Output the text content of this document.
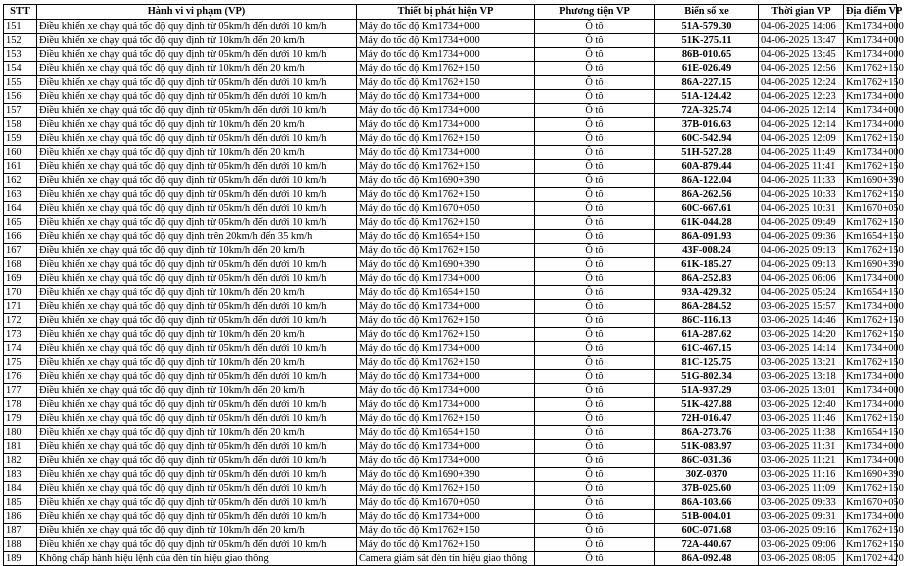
STT	Hành vi vi phạm (VP)	Thiết bị phát hiện VP	Phương tiện VP	Biển số xe	Thời gian VP	Địa điểm VP
151	Điều khiển xe chạy quá tốc độ quy định từ 05km/h đến dưới 10 km/h	Máy đo tốc độ Km1734+000	Ô tô	51A-579.30	04-06-2025 14:06	Km1734+000
152	Điều khiển xe chạy quá tốc độ quy định từ 10km/h đến 20 km/h	Máy đo tốc độ Km1734+000	Ô tô	51K-275.11	04-06-2025 13:47	Km1734+000
153	Điều khiển xe chạy quá tốc độ quy định từ 05km/h đến dưới 10 km/h	Máy đo tốc độ Km1734+000	Ô tô	86B-010.65	04-06-2025 13:45	Km1734+000
154	Điều khiển xe chạy quá tốc độ quy định từ 10km/h đến 20 km/h	Máy đo tốc độ Km1762+150	Ô tô	61E-026.49	04-06-2025 12:56	Km1762+150
155	Điều khiển xe chạy quá tốc độ quy định từ 05km/h đến dưới 10 km/h	Máy đo tốc độ Km1762+150	Ô tô	86A-227.15	04-06-2025 12:24	Km1762+150
156	Điều khiển xe chạy quá tốc độ quy định từ 05km/h đến dưới 10 km/h	Máy đo tốc độ Km1734+000	Ô tô	51A-124.42	04-06-2025 12:23	Km1734+000
157	Điều khiển xe chạy quá tốc độ quy định từ 05km/h đến dưới 10 km/h	Máy đo tốc độ Km1734+000	Ô tô	72A-325.74	04-06-2025 12:14	Km1734+000
158	Điều khiển xe chạy quá tốc độ quy định từ 10km/h đến 20 km/h	Máy đo tốc độ Km1734+000	Ô tô	37B-016.63	04-06-2025 12:14	Km1734+000
159	Điều khiển xe chạy quá tốc độ quy định từ 05km/h đến dưới 10 km/h	Máy đo tốc độ Km1762+150	Ô tô	60C-542.94	04-06-2025 12:09	Km1762+150
160	Điều khiển xe chạy quá tốc độ quy định từ 10km/h đến 20 km/h	Máy đo tốc độ Km1734+000	Ô tô	51H-527.28	04-06-2025 11:49	Km1734+000
161	Điều khiển xe chạy quá tốc độ quy định từ 05km/h đến dưới 10 km/h	Máy đo tốc độ Km1762+150	Ô tô	60A-879.44	04-06-2025 11:41	Km1762+150
162	Điều khiển xe chạy quá tốc độ quy định từ 05km/h đến dưới 10 km/h	Máy đo tốc độ Km1690+390	Ô tô	86A-122.04	04-06-2025 11:33	Km1690+390
163	Điều khiển xe chạy quá tốc độ quy định từ 05km/h đến dưới 10 km/h	Máy đo tốc độ Km1762+150	Ô tô	86A-262.56	04-06-2025 10:33	Km1762+150
164	Điều khiển xe chạy quá tốc độ quy định từ 05km/h đến dưới 10 km/h	Máy đo tốc độ Km1670+050	Ô tô	60C-667.61	04-06-2025 10:31	Km1670+050
165	Điều khiển xe chạy quá tốc độ quy định từ 05km/h đến dưới 10 km/h	Máy đo tốc độ Km1762+150	Ô tô	61K-044.28	04-06-2025 09:49	Km1762+150
166	Điều khiển xe chạy quá tốc độ quy định trên 20km/h đến 35 km/h	Máy đo tốc độ Km1654+150	Ô tô	86A-091.93	04-06-2025 09:36	Km1654+150
167	Điều khiển xe chạy quá tốc độ quy định từ 10km/h đến 20 km/h	Máy đo tốc độ Km1762+150	Ô tô	43F-008.24	04-06-2025 09:13	Km1762+150
168	Điều khiển xe chạy quá tốc độ quy định từ 05km/h đến dưới 10 km/h	Máy đo tốc độ Km1690+390	Ô tô	61K-185.27	04-06-2025 09:13	Km1690+390
169	Điều khiển xe chạy quá tốc độ quy định từ 05km/h đến dưới 10 km/h	Máy đo tốc độ Km1734+000	Ô tô	86A-252.83	04-06-2025 06:06	Km1734+000
170	Điều khiển xe chạy quá tốc độ quy định từ 10km/h đến 20 km/h	Máy đo tốc độ Km1654+150	Ô tô	93A-429.32	04-06-2025 05:24	Km1654+150
171	Điều khiển xe chạy quá tốc độ quy định từ 05km/h đến dưới 10 km/h	Máy đo tốc độ Km1734+000	Ô tô	86A-284.52	03-06-2025 15:57	Km1734+000
172	Điều khiển xe chạy quá tốc độ quy định từ 05km/h đến dưới 10 km/h	Máy đo tốc độ Km1762+150	Ô tô	86C-116.13	03-06-2025 14:46	Km1762+150
173	Điều khiển xe chạy quá tốc độ quy định từ 10km/h đến 20 km/h	Máy đo tốc độ Km1762+150	Ô tô	61A-287.62	03-06-2025 14:20	Km1762+150
174	Điều khiển xe chạy quá tốc độ quy định từ 05km/h đến dưới 10 km/h	Máy đo tốc độ Km1734+000	Ô tô	61C-467.15	03-06-2025 14:14	Km1734+000
175	Điều khiển xe chạy quá tốc độ quy định từ 10km/h đến 20 km/h	Máy đo tốc độ Km1762+150	Ô tô	81C-125.75	03-06-2025 13:21	Km1762+150
176	Điều khiển xe chạy quá tốc độ quy định từ 05km/h đến dưới 10 km/h	Máy đo tốc độ Km1734+000	Ô tô	51G-802.34	03-06-2025 13:18	Km1734+000
177	Điều khiển xe chạy quá tốc độ quy định từ 10km/h đến 20 km/h	Máy đo tốc độ Km1734+000	Ô tô	51A-937.29	03-06-2025 13:01	Km1734+000
178	Điều khiển xe chạy quá tốc độ quy định từ 05km/h đến dưới 10 km/h	Máy đo tốc độ Km1734+000	Ô tô	51K-427.88	03-06-2025 12:40	Km1734+000
179	Điều khiển xe chạy quá tốc độ quy định từ 05km/h đến dưới 10 km/h	Máy đo tốc độ Km1762+150	Ô tô	72H-016.47	03-06-2025 11:46	Km1762+150
180	Điều khiển xe chạy quá tốc độ quy định từ 10km/h đến 20 km/h	Máy đo tốc độ Km1654+150	Ô tô	86A-273.76	03-06-2025 11:38	Km1654+150
181	Điều khiển xe chạy quá tốc độ quy định từ 05km/h đến dưới 10 km/h	Máy đo tốc độ Km1734+000	Ô tô	51K-083.97	03-06-2025 11:31	Km1734+000
182	Điều khiển xe chạy quá tốc độ quy định từ 05km/h đến dưới 10 km/h	Máy đo tốc độ Km1734+000	Ô tô	86C-031.36	03-06-2025 11:21	Km1734+000
183	Điều khiển xe chạy quá tốc độ quy định từ 05km/h đến dưới 10 km/h	Máy đo tốc độ Km1690+390	Ô tô	30Z-0370	03-06-2025 11:16	Km1690+390
184	Điều khiển xe chạy quá tốc độ quy định từ 05km/h đến dưới 10 km/h	Máy đo tốc độ Km1762+150	Ô tô	37B-025.60	03-06-2025 11:09	Km1762+150
185	Điều khiển xe chạy quá tốc độ quy định từ 05km/h đến dưới 10 km/h	Máy đo tốc độ Km1670+050	Ô tô	86A-103.66	03-06-2025 09:33	Km1670+050
186	Điều khiển xe chạy quá tốc độ quy định từ 05km/h đến dưới 10 km/h	Máy đo tốc độ Km1734+000	Ô tô	51B-004.01	03-06-2025 09:31	Km1734+000
187	Điều khiển xe chạy quá tốc độ quy định từ 10km/h đến 20 km/h	Máy đo tốc độ Km1762+150	Ô tô	60C-071.68	03-06-2025 09:16	Km1762+150
188	Điều khiển xe chạy quá tốc độ quy định từ 05km/h đến dưới 10 km/h	Máy đo tốc độ Km1762+150	Ô tô	72A-440.67	03-06-2025 09:06	Km1762+150
189	Không chấp hành hiệu lệnh của đèn tín hiệu giao thông	Camera giám sát đèn tín hiệu giao thông	Ô tô	86A-092.48	03-06-2025 08:05	Km1702+420
